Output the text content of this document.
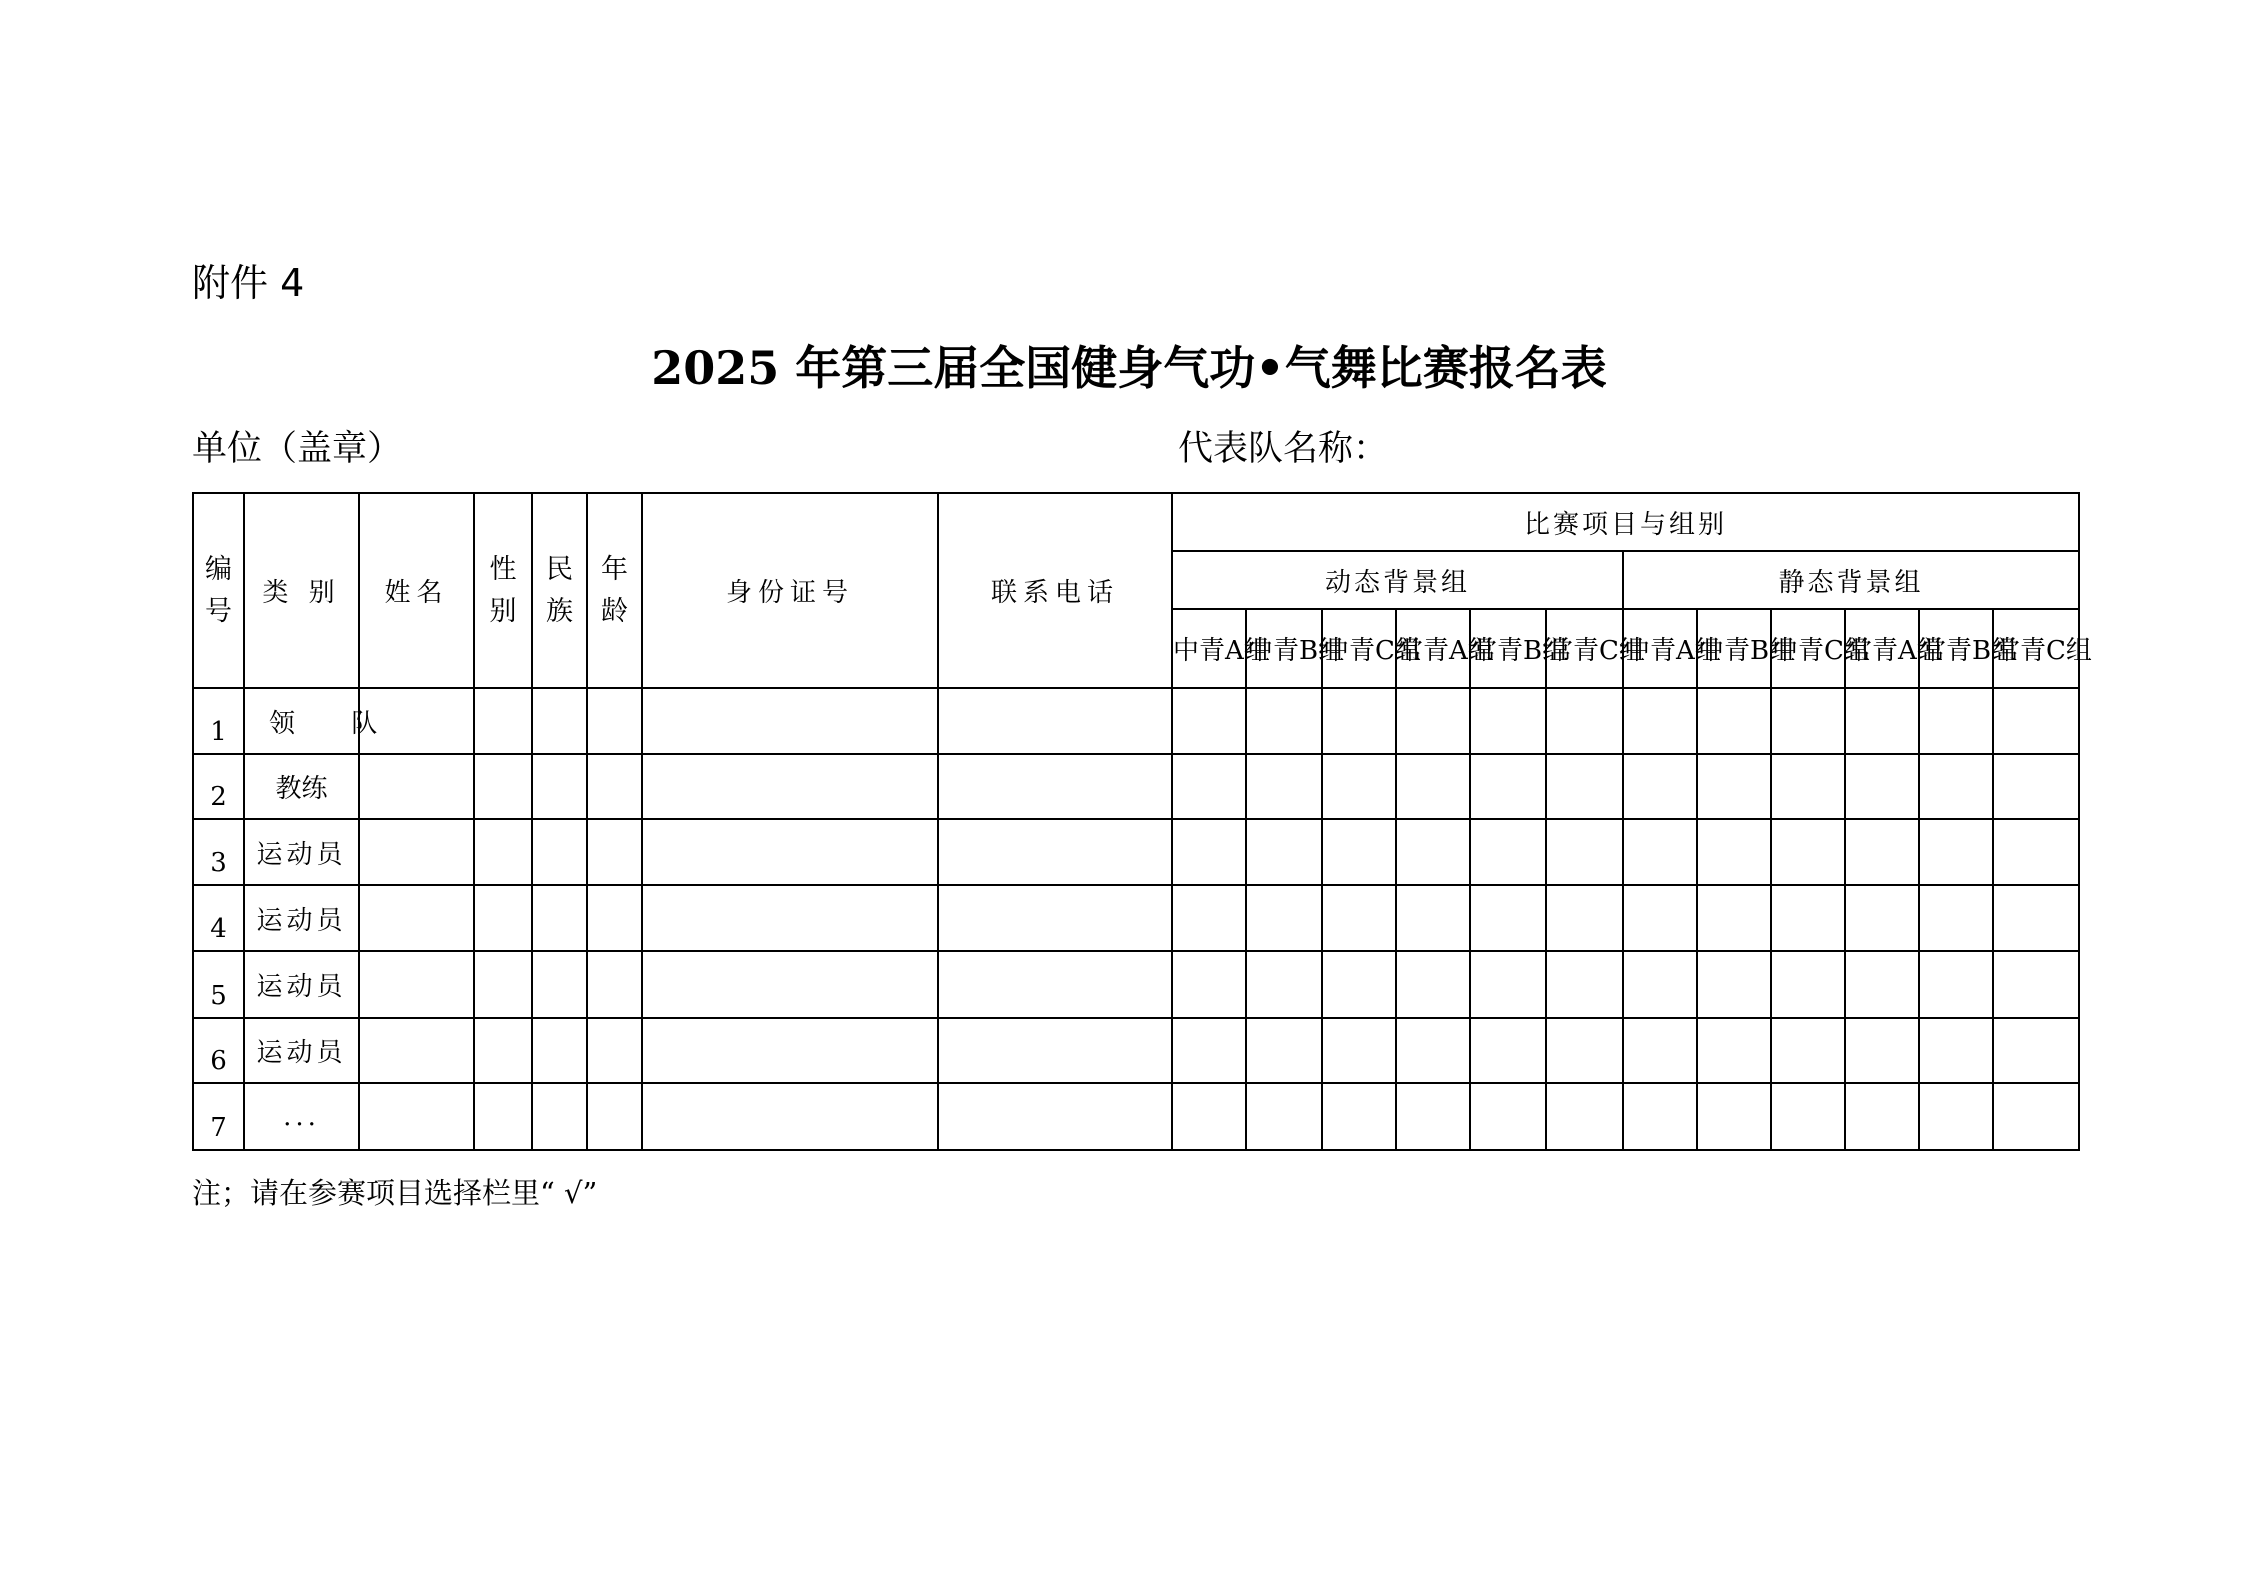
附件 4
2025 年第三届全国健身气功•气舞比赛报名表
单位（盖章）	代表队名称：
编号	类 别	姓名	性别	民族	年龄	身份证号	联系电话	比赛项目与组别											
								动态背景组						静态背景组					
								中青A组	中青B组	中青C组	常青A组	常青B组	常青C组	中青A组	中青B组	中青C组	常青A组	常青B组	常青C组
1	领 队																		
2	教练																		
3	运动员																		
4	运动员																		
5	运动员																		
6	运动员																		
7	...																		
注；请在参赛项目选择栏里“ √”
